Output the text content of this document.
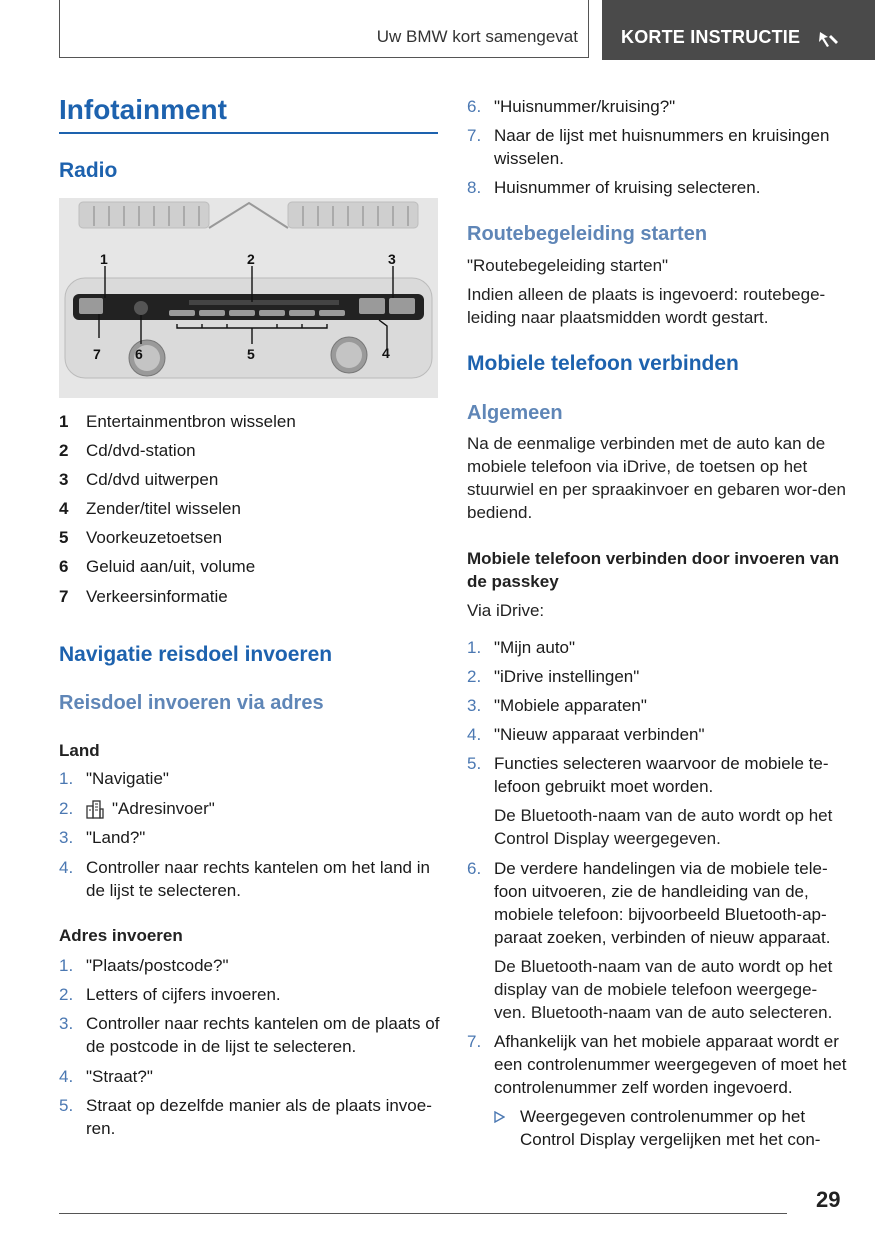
Uw BMW kort samengevat KORTE INSTRUCTIE
Infotainment
Radio
1	2	3
4
5
6
7
1 Entertainmentbron wisselen
2 Cd/dvd-station
3 Cd/dvd uitwerpen
4 Zender/titel wisselen
5 Voorkeuzetoetsen
6 Geluid aan/uit, volume
7 Verkeersinformatie
Navigatie reisdoel invoeren
Reisdoel invoeren via adres
Land
1. "Navigatie"
2. "Adresinvoer"
3. "Land?"
4. Controller naar rechts kantelen om het land in de lijst te selecteren.
Adres invoeren
1. "Plaats/postcode?"
2. Letters of cijfers invoeren.
3. Controller naar rechts kantelen om de plaats of de postcode in de lijst te selecteren.
4. "Straat?"
5. Straat op dezelfde manier als de plaats invoe-ren.
6. "Huisnummer/kruising?"
7. Naar de lijst met huisnummers en kruisingen wisselen.
8. Huisnummer of kruising selecteren.
Routebegeleiding starten
"Routebegeleiding starten"
Indien alleen de plaats is ingevoerd: routebege-leiding naar plaatsmidden wordt gestart.
Mobiele telefoon verbinden
Algemeen
Na de eenmalige verbinden met de auto kan de mobiele telefoon via iDrive, de toetsen op het stuurwiel en per spraakinvoer en gebaren wor-den bediend.
Mobiele telefoon verbinden door invoeren van de passkey
Via iDrive:
1. "Mijn auto"
2. "iDrive instellingen"
3. "Mobiele apparaten"
4. "Nieuw apparaat verbinden"
5. Functies selecteren waarvoor de mobiele te-lefoon gebruikt moet worden.
De Bluetooth-naam van de auto wordt op het Control Display weergegeven.
6. De verdere handelingen via de mobiele tele-foon uitvoeren, zie de handleiding van de, mobiele telefoon: bijvoorbeeld Bluetooth-ap-paraat zoeken, verbinden of nieuw apparaat.
De Bluetooth-naam van de auto wordt op het display van de mobiele telefoon weergege-ven. Bluetooth-naam van de auto selecteren.
7. Afhankelijk van het mobiele apparaat wordt er een controlenummer weergegeven of moet het controlenummer zelf worden ingevoerd.
Weergegeven controlenummer op het Control Display vergelijken met het con-
29
